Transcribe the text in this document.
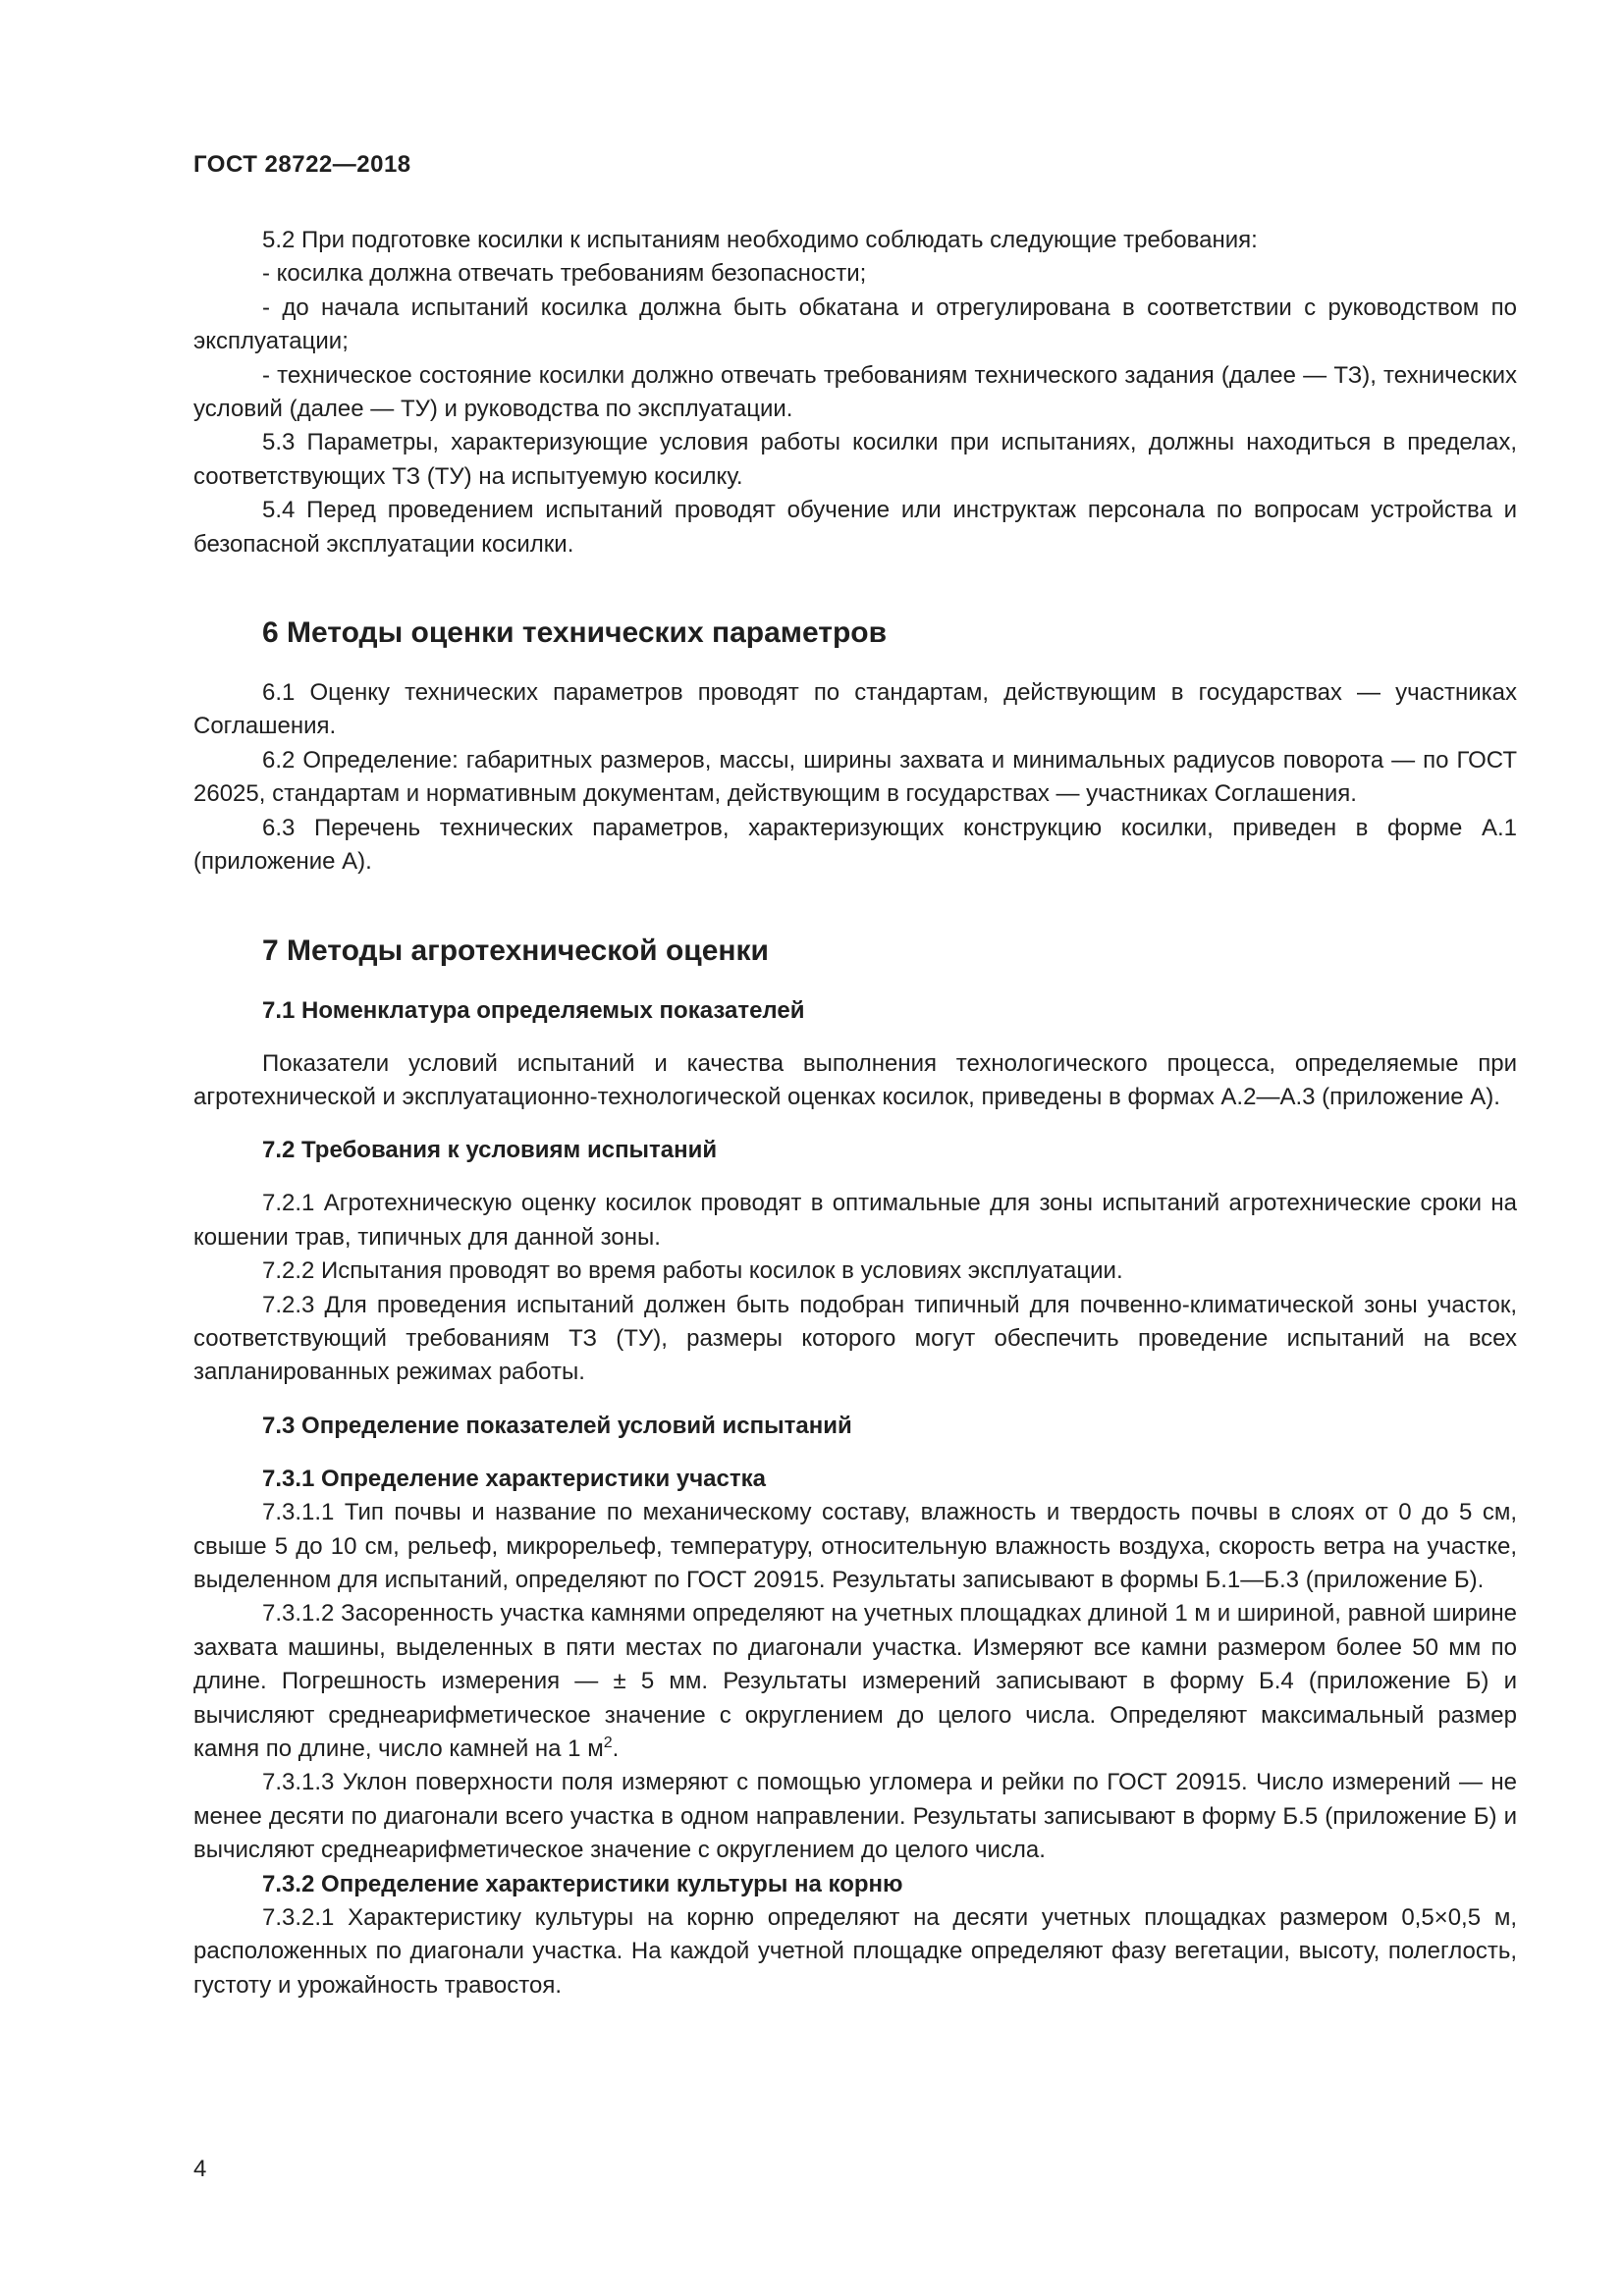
ГОСТ 28722—2018

5.2 При подготовке косилки к испытаниям необходимо соблюдать следующие требования:

- косилка должна отвечать требованиям безопасности;

- до начала испытаний косилка должна быть обкатана и отрегулирована в соответствии с руководством по эксплуатации;

- техническое состояние косилки должно отвечать требованиям технического задания (далее — ТЗ), технических условий (далее — ТУ) и руководства по эксплуатации.

5.3 Параметры, характеризующие условия работы косилки при испытаниях, должны находиться в пределах, соответствующих ТЗ (ТУ) на испытуемую косилку.

5.4 Перед проведением испытаний проводят обучение или инструктаж персонала по вопросам устройства и безопасной эксплуатации косилки.

6 Методы оценки технических параметров

6.1 Оценку технических параметров проводят по стандартам, действующим в государствах — участниках Соглашения.

6.2 Определение: габаритных размеров, массы, ширины захвата и минимальных радиусов поворота — по ГОСТ 26025, стандартам и нормативным документам, действующим в государствах — участниках Соглашения.

6.3 Перечень технических параметров, характеризующих конструкцию косилки, приведен в форме А.1 (приложение А).

7 Методы агротехнической оценки
7.1 Номенклатура определяемых показателей

Показатели условий испытаний и качества выполнения технологического процесса, определяемые при агротехнической и эксплуатационно-технологической оценках косилок, приведены в формах А.2—А.3 (приложение А).

7.2 Требования к условиям испытаний

7.2.1 Агротехническую оценку косилок проводят в оптимальные для зоны испытаний агротехнические сроки на кошении трав, типичных для данной зоны.

7.2.2 Испытания проводят во время работы косилок в условиях эксплуатации.

7.2.3 Для проведения испытаний должен быть подобран типичный для почвенно-климатической зоны участок, соответствующий требованиям ТЗ (ТУ), размеры которого могут обеспечить проведение испытаний на всех запланированных режимах работы.

7.3 Определение показателей условий испытаний
7.3.1 Определение характеристики участка

7.3.1.1 Тип почвы и название по механическому составу, влажность и твердость почвы в слоях от 0 до 5 см, свыше 5 до 10 см, рельеф, микрорельеф, температуру, относительную влажность воздуха, скорость ветра на участке, выделенном для испытаний, определяют по ГОСТ 20915. Результаты записывают в формы Б.1—Б.3 (приложение Б).

7.3.1.2 Засоренность участка камнями определяют на учетных площадках длиной 1 м и шириной, равной ширине захвата машины, выделенных в пяти местах по диагонали участка. Измеряют все камни размером более 50 мм по длине. Погрешность измерения — ± 5 мм. Результаты измерений записывают в форму Б.4 (приложение Б) и вычисляют среднеарифметическое значение с округлением до целого числа. Определяют максимальный размер камня по длине, число камней на 1 $м^2$.

7.3.1.3 Уклон поверхности поля измеряют с помощью угломера и рейки по ГОСТ 20915. Число измерений — не менее десяти по диагонали всего участка в одном направлении. Результаты записывают в форму Б.5 (приложение Б) и вычисляют среднеарифметическое значение с округлением до целого числа.

7.3.2 Определение характеристики культуры на корню

7.3.2.1 Характеристику культуры на корню определяют на десяти учетных площадках размером 0,5×0,5 м, расположенных по диагонали участка. На каждой учетной площадке определяют фазу вегетации, высоту, полеглость, густоту и урожайность травостоя.

4
